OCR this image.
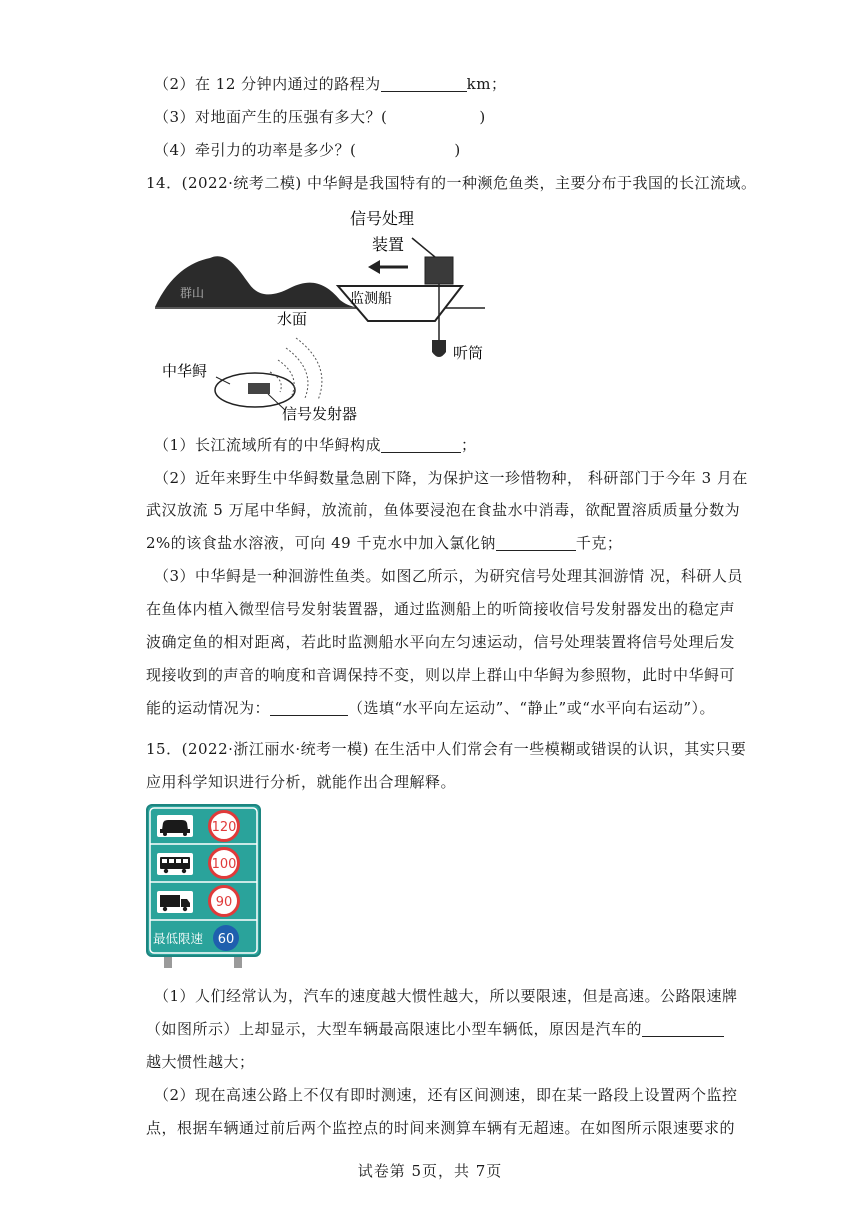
（2）在 12 分钟内通过的路程为	km；
（3）对地面产生的压强有多大？(	)
（4）牵引力的功率是多少？(	)
14．(2022·统考二模) 中华鲟是我国特有的一种濒危鱼类，主要分布于我国的长江流域。
群山
水面
监测船
信号处理
装置
听筒
中华鲟
信号发射器
（1）长江流域所有的中华鲟构成	；
（2）近年来野生中华鲟数量急剧下降，为保护这一珍惜物种， 科研部门于今年 3 月在
武汉放流 5 万尾中华鲟，放流前，鱼体要浸泡在食盐水中消毒，欲配置溶质质量分数为
2%的该食盐水溶液，可向 49 千克水中加入氯化钠	千克；
（3）中华鲟是一种洄游性鱼类。如图乙所示，为研究信号处理其洄游情 况，科研人员
在鱼体内植入微型信号发射装置器，通过监测船上的听筒接收信号发射器发出的稳定声
波确定鱼的相对距离，若此时监测船水平向左匀速运动，信号处理装置将信号处理后发
现接收到的声音的响度和音调保持不变，则以岸上群山中华鲟为参照物，此时中华鲟可
能的运动情况为：	（选填“水平向左运动”、“静止”或“水平向右运动”）。
15．(2022·浙江丽水·统考一模) 在生活中人们常会有一些模糊或错误的认识，其实只要
应用科学知识进行分析，就能作出合理解释。
120
100
90
最低限速 60
（1）人们经常认为，汽车的速度越大惯性越大，所以要限速，但是高速。公路限速牌
（如图所示）上却显示，大型车辆最高限速比小型车辆低，原因是汽车的
越大惯性越大；
（2）现在高速公路上不仅有即时测速，还有区间测速，即在某一路段上设置两个监控
点，根据车辆通过前后两个监控点的时间来测算车辆有无超速。在如图所示限速要求的
试卷第 5页，共 7页
